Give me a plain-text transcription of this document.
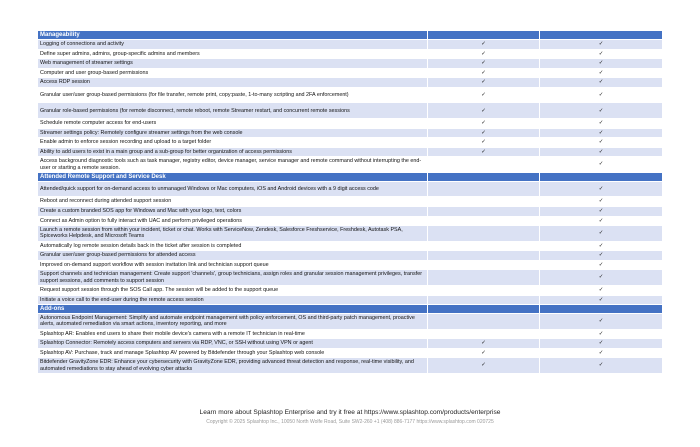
Manageability		
Logging of connections and activity	✓	✓
Define super admins, admins, group-specific admins and members	✓	✓
Web management of streamer settings	✓	✓
Computer and user group-based permissions	✓	✓
Access RDP session	✓	✓
Granular user/user group-based permissions (for file transfer, remote print, copy:paste, 1-to-many scripting and 2FA enforcement)	✓	✓
Granular role-based permissions (for remote disconnect, remote reboot, remote Streamer restart, and concurrent remote sessions	✓	✓
Schedule remote computer access for end-users	✓	✓
Streamer settings policy: Remotely configure streamer settings from the web console	✓	✓
Enable admin to enforce session recording and upload to a target folder	✓	✓
Ability to add users to exist in a main group and a sub-group for better organization of access permissions	✓	✓
Access background diagnostic tools such as task manager, registry editor, device manager, service manager and remote command without interrupting the end-user or starting a remote session.		✓
Attended Remote Support and Service Desk		
Attended/quick support for on-demand access to unmanaged Windows or Mac computers, iOS and Android devices with a 9 digit access code		✓
Reboot and reconnect during attended support session		✓
Create a custom branded SOS app for Windows and Mac with your logo, text, colors		✓
Connect as Admin option to fully interact with UAC and perform privileged operations		✓
Launch a remote session from within your incident, ticket or chat. Works with ServiceNow, Zendesk, Salesforce Freshservice, Freshdesk, Autotask PSA, Spiceworks Helpdesk, and Microsoft Teams		✓
Automatically log remote session details back in the ticket after session is completed		✓
Granular user/user group-based permissions for attended access		✓
Improved on-demand support workflow with session invitation link and technician support queue		✓
Support channels and technician management: Create support 'channels', group technicians, assign roles and granular session management privileges, transfer support sessions, add comments to support session		✓
Request support session through the SOS Call app. The session will be added to the support queue		✓
Initiate a voice call to the end-user during the remote access session		✓
Add-ons		
Autonomous Endpoint Management: Simplify and automate endpoint management with policy enforcement, OS and third-party patch management, proactive alerts, automated remediation via smart actions, inventory reporting, and more		✓
Splashtop AR: Enables end users to share their mobile device's camera with a remote IT technician in real-time		✓
Splashtop Connector: Remotely access computers and servers via RDP, VNC, or SSH without using VPN or agent	✓	✓
Splashtop AV: Purchase, track and manage Splashtop AV powered by Bitdefender through your Splashtop web console	✓	✓
Bitdefender GravityZone EDR: Enhance your cybersecurity with GravityZone EDR, providing advanced threat detection and response, real-time visibility, and automated remediations to stay ahead of evolving cyber attacks	✓	✓
Learn more about Splashtop Enterprise and try it free at https://www.splashtop.com/products/enterprise
Copyright © 2025 Splashtop Inc., 10050 North Wolfe Road, Suite SW2-260 +1 (408) 886-7177 https://www.splashtop.com 020725
